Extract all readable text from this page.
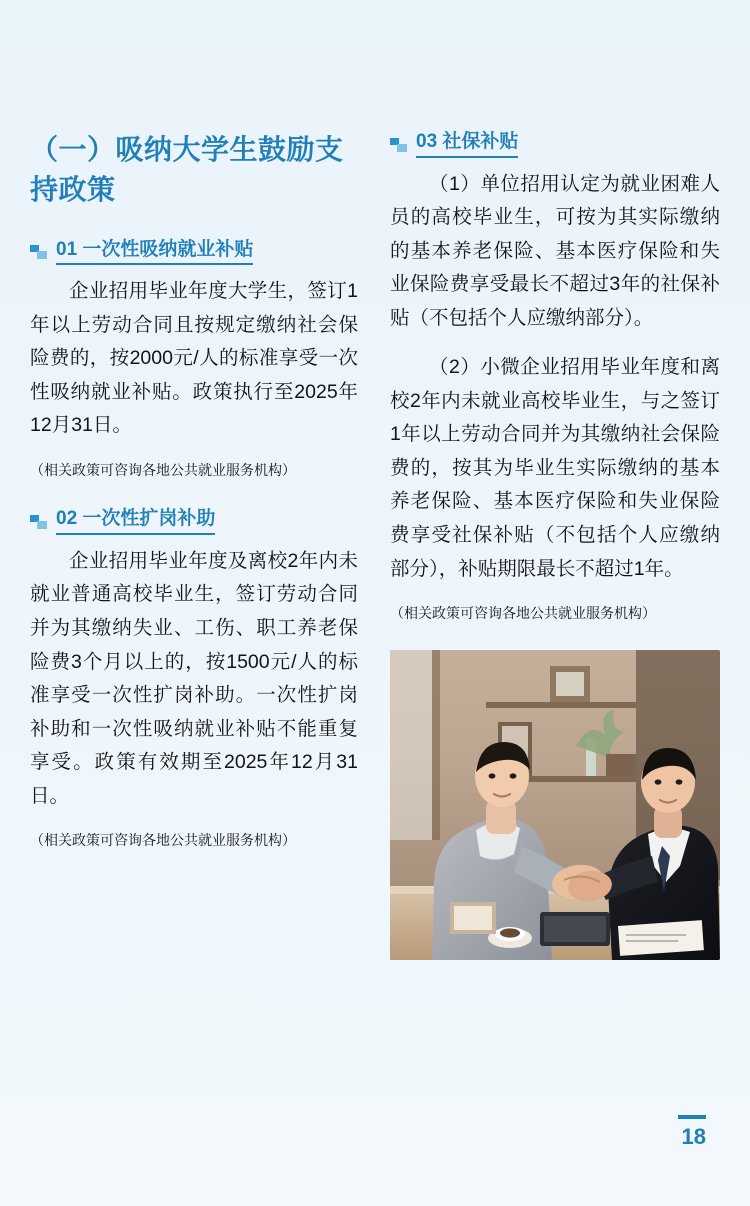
（一）吸纳大学生鼓励支持政策
01 一次性吸纳就业补贴

企业招用毕业年度大学生，签订1年以上劳动合同且按规定缴纳社会保险费的，按2000元/人的标准享受一次性吸纳就业补贴。政策执行至2025年12月31日。

（相关政策可咨询各地公共就业服务机构）

02 一次性扩岗补助

企业招用毕业年度及离校2年内未就业普通高校毕业生，签订劳动合同并为其缴纳失业、工伤、职工养老保险费3个月以上的，按1500元/人的标准享受一次性扩岗补助。一次性扩岗补助和一次性吸纳就业补贴不能重复享受。政策有效期至2025年12月31日。

（相关政策可咨询各地公共就业服务机构）

03 社保补贴

（1）单位招用认定为就业困难人员的高校毕业生，可按为其实际缴纳的基本养老保险、基本医疗保险和失业保险费享受最长不超过3年的社保补贴（不包括个人应缴纳部分）。

（2）小微企业招用毕业年度和离校2年内未就业高校毕业生，与之签订1年以上劳动合同并为其缴纳社会保险费的，按其为毕业生实际缴纳的基本养老保险、基本医疗保险和失业保险费享受社保补贴（不包括个人应缴纳部分），补贴期限最长不超过1年。

（相关政策可咨询各地公共就业服务机构）

18
